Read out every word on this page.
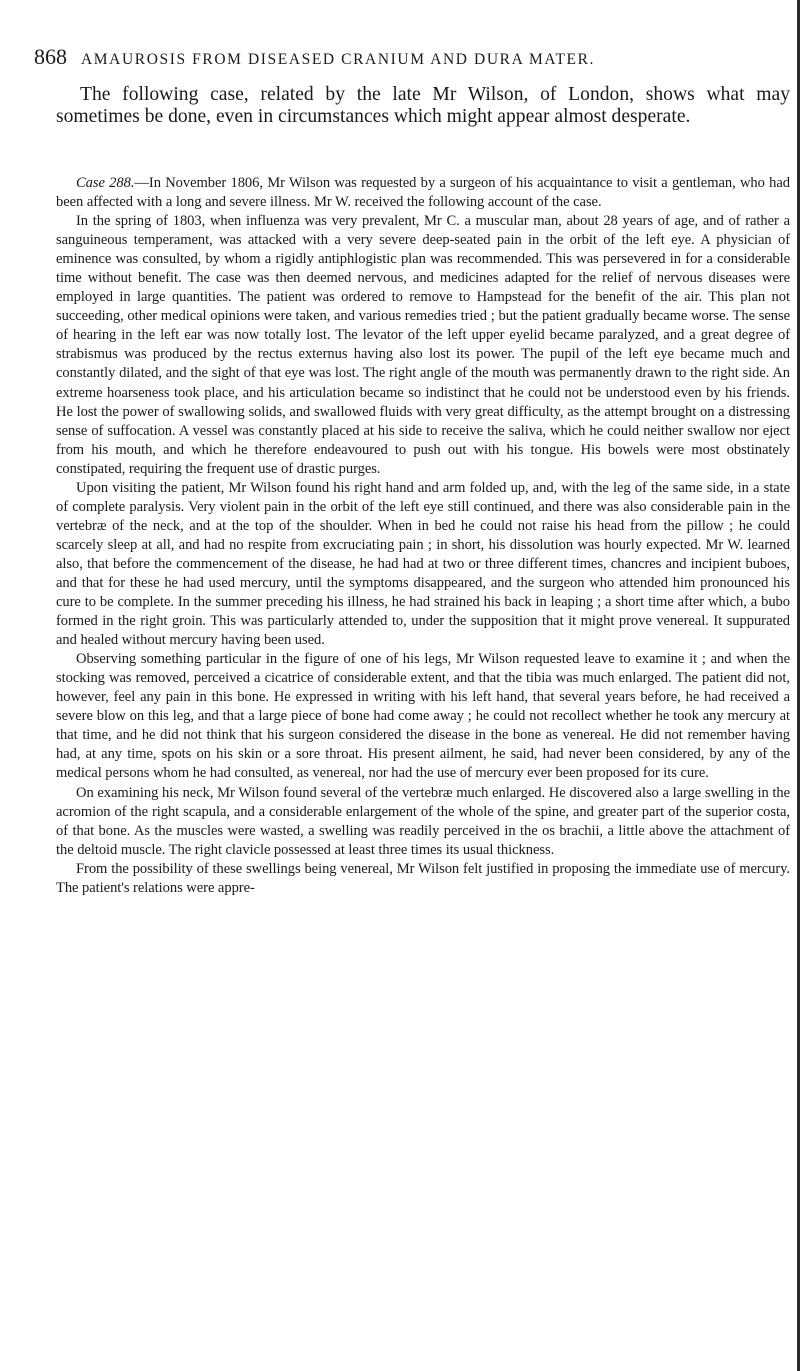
868 AMAUROSIS FROM DISEASED CRANIUM AND DURA MATER.

The following case, related by the late Mr Wilson, of London, shows what may sometimes be done, even in circumstances which might appear almost desperate.

Case 288.—In November 1806, Mr Wilson was requested by a surgeon of his acquaintance to visit a gentleman, who had been affected with a long and severe illness. Mr W. received the following account of the case.

In the spring of 1803, when influenza was very prevalent, Mr C. a muscular man, about 28 years of age, and of rather a sanguineous temperament, was attacked with a very severe deep-seated pain in the orbit of the left eye. A physician of eminence was consulted, by whom a rigidly antiphlogistic plan was recommended. This was persevered in for a considerable time without benefit. The case was then deemed nervous, and medicines adapted for the relief of nervous diseases were employed in large quantities. The patient was ordered to remove to Hampstead for the benefit of the air. This plan not succeeding, other medical opinions were taken, and various remedies tried ; but the patient gradually became worse. The sense of hearing in the left ear was now totally lost. The levator of the left upper eyelid became paralyzed, and a great degree of strabismus was produced by the rectus externus having also lost its power. The pupil of the left eye became much and constantly dilated, and the sight of that eye was lost. The right angle of the mouth was permanently drawn to the right side. An extreme hoarseness took place, and his articulation became so indistinct that he could not be understood even by his friends. He lost the power of swallowing solids, and swallowed fluids with very great difficulty, as the attempt brought on a distressing sense of suffocation. A vessel was constantly placed at his side to receive the saliva, which he could neither swallow nor eject from his mouth, and which he therefore endeavoured to push out with his tongue. His bowels were most obstinately constipated, requiring the frequent use of drastic purges.

Upon visiting the patient, Mr Wilson found his right hand and arm folded up, and, with the leg of the same side, in a state of complete paralysis. Very violent pain in the orbit of the left eye still continued, and there was also considerable pain in the vertebræ of the neck, and at the top of the shoulder. When in bed he could not raise his head from the pillow ; he could scarcely sleep at all, and had no respite from excruciating pain ; in short, his dissolution was hourly expected. Mr W. learned also, that before the commencement of the disease, he had had at two or three different times, chancres and incipient buboes, and that for these he had used mercury, until the symptoms disappeared, and the surgeon who attended him pronounced his cure to be complete. In the summer preceding his illness, he had strained his back in leaping ; a short time after which, a bubo formed in the right groin. This was particularly attended to, under the supposition that it might prove venereal. It suppurated and healed without mercury having been used.

Observing something particular in the figure of one of his legs, Mr Wilson requested leave to examine it ; and when the stocking was removed, perceived a cicatrice of considerable extent, and that the tibia was much enlarged. The patient did not, however, feel any pain in this bone. He expressed in writing with his left hand, that several years before, he had received a severe blow on this leg, and that a large piece of bone had come away ; he could not recollect whether he took any mercury at that time, and he did not think that his surgeon considered the disease in the bone as venereal. He did not remember having had, at any time, spots on his skin or a sore throat. His present ailment, he said, had never been considered, by any of the medical persons whom he had consulted, as venereal, nor had the use of mercury ever been proposed for its cure.

On examining his neck, Mr Wilson found several of the vertebræ much enlarged. He discovered also a large swelling in the acromion of the right scapula, and a considerable enlargement of the whole of the spine, and greater part of the superior costa, of that bone. As the muscles were wasted, a swelling was readily perceived in the os brachii, a little above the attachment of the deltoid muscle. The right clavicle possessed at least three times its usual thickness.

From the possibility of these swellings being venereal, Mr Wilson felt justified in proposing the immediate use of mercury. The patient's relations were appre-
